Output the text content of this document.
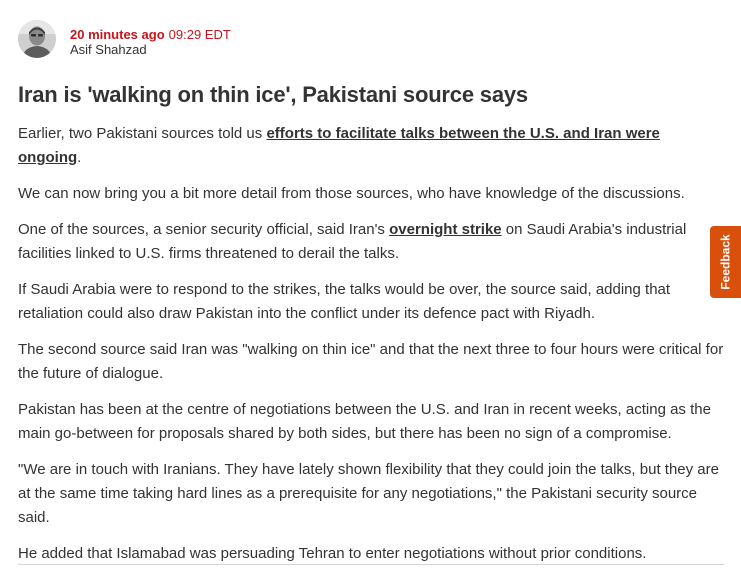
20 minutes ago 09:29 EDT
Asif Shahzad
Iran is 'walking on thin ice', Pakistani source says

Earlier, two Pakistani sources told us efforts to facilitate talks between the U.S. and Iran were ongoing.

We can now bring you a bit more detail from those sources, who have knowledge of the discussions.

One of the sources, a senior security official, said Iran's overnight strike on Saudi Arabia's industrial facilities linked to U.S. firms threatened to derail the talks.

If Saudi Arabia were to respond to the strikes, the talks would be over, the source said, adding that retaliation could also draw Pakistan into the conflict under its defence pact with Riyadh.

The second source said Iran was "walking on thin ice" and that the next three to four hours were critical for the future of dialogue.

Pakistan has been at the centre of negotiations between the U.S. and Iran in recent weeks, acting as the main go-between for proposals shared by both sides, but there has been no sign of a compromise.

"We are in touch with Iranians. They have lately shown flexibility that they could join the talks, but they are at the same time taking hard lines as a prerequisite for any negotiations," the Pakistani security source said.

He added that Islamabad was persuading Tehran to enter negotiations without prior conditions.

Feedback
